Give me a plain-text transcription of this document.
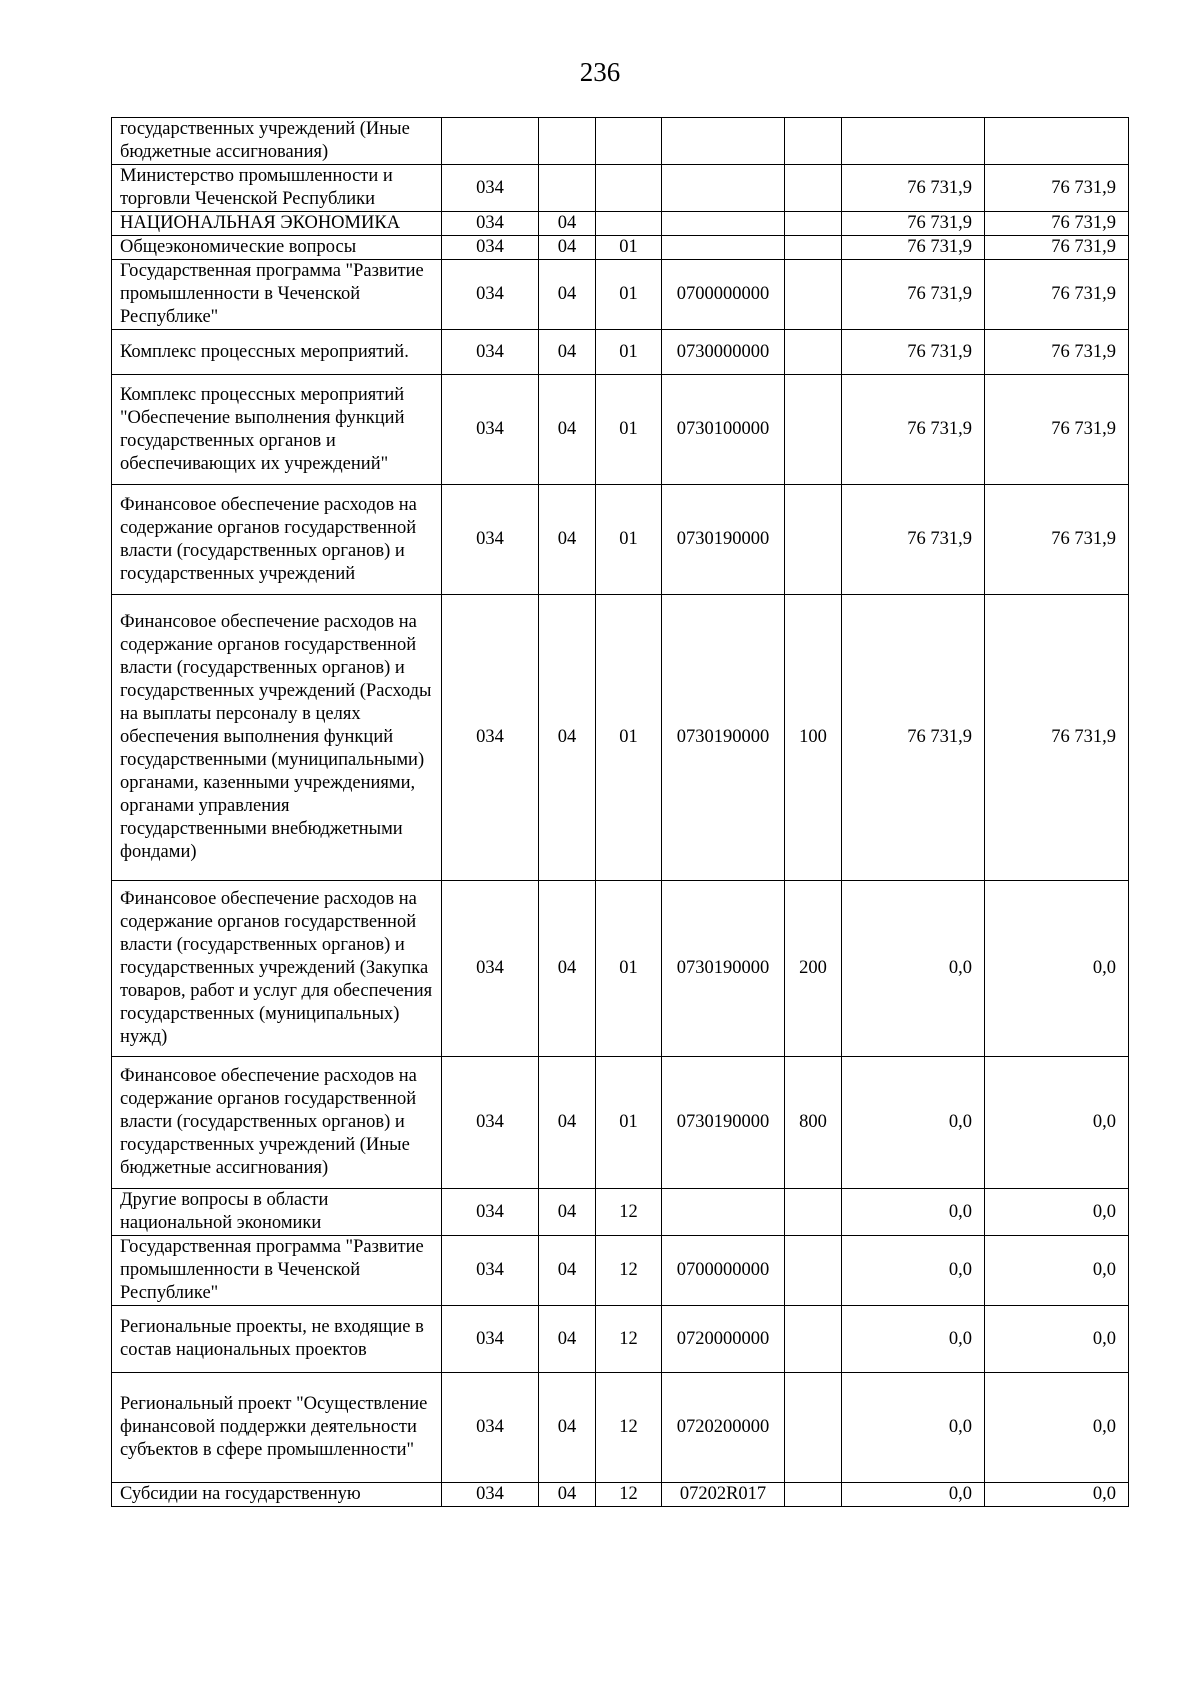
236
государственных учреждений (Иные бюджетные ассигнования)							
Министерство промышленности и торговли Чеченской Республики	034					76 731,9	76 731,9
НАЦИОНАЛЬНАЯ ЭКОНОМИКА	034	04				76 731,9	76 731,9
Общеэкономические вопросы	034	04	01			76 731,9	76 731,9
Государственная программа "Развитие промышленности в Чеченской Республике"	034	04	01	0700000000		76 731,9	76 731,9
Комплекс процессных мероприятий.	034	04	01	0730000000		76 731,9	76 731,9
Комплекс процессных мероприятий "Обеспечение выполнения функций государственных органов и обеспечивающих их учреждений"	034	04	01	0730100000		76 731,9	76 731,9
Финансовое обеспечение расходов на содержание органов государственной власти (государственных органов) и государственных учреждений	034	04	01	0730190000		76 731,9	76 731,9
Финансовое обеспечение расходов на содержание органов государственной власти (государственных органов) и государственных учреждений (Расходы на выплаты персоналу в целях обеспечения выполнения функций государственными (муниципальными) органами, казенными учреждениями, органами управления государственными внебюджетными фондами)	034	04	01	0730190000	100	76 731,9	76 731,9
Финансовое обеспечение расходов на содержание органов государственной власти (государственных органов) и государственных учреждений (Закупка товаров, работ и услуг для обеспечения государственных (муниципальных) нужд)	034	04	01	0730190000	200	0,0	0,0
Финансовое обеспечение расходов на содержание органов государственной власти (государственных органов) и государственных учреждений (Иные бюджетные ассигнования)	034	04	01	0730190000	800	0,0	0,0
Другие вопросы в области национальной экономики	034	04	12			0,0	0,0
Государственная программа "Развитие промышленности в Чеченской Республике"	034	04	12	0700000000		0,0	0,0
Региональные проекты, не входящие в состав национальных проектов	034	04	12	0720000000		0,0	0,0
Региональный проект "Осуществление финансовой поддержки деятельности субъектов в сфере промышленности"	034	04	12	0720200000		0,0	0,0
Субсидии на государственную	034	04	12	07202R017		0,0	0,0
